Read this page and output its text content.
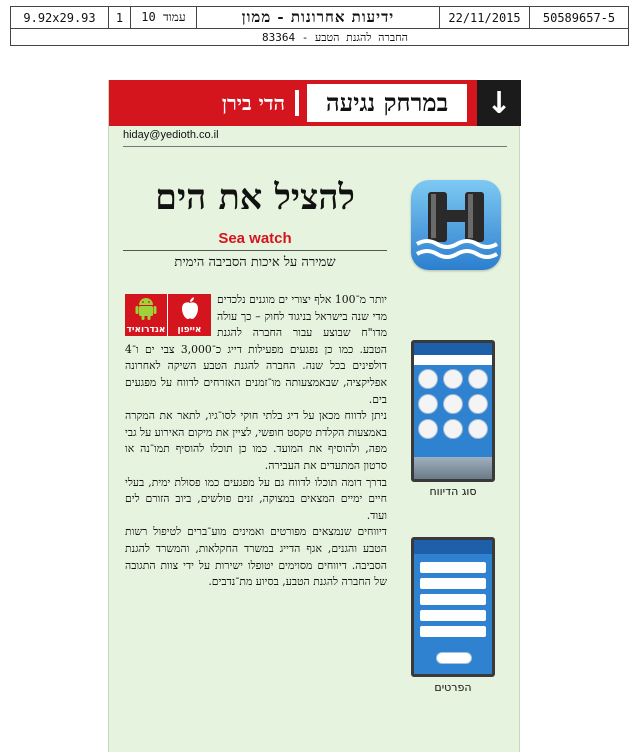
9.92x29.93	1	עמוד 10	ידיעות אחרונות - ממון	22/11/2015	50589657-5
החברה להגנת הטבע - 83364
↓
במרחק נגיעה
הדי בירן
hiday@yedioth.co.il
להציל את הים
Sea watch
שמירה על איכות הסביבה הימית

יותר מ־100 אלף יצורי ים מוגנים נלכדים מדי שנה בישראל בניגוד לחוק – כך עולה מדו"ח שבוצע עבור החברה להגנת הטבע. כמו כן נפגעים מפעילות דייג כ־3,000 צבי ים ו־4 דולפינים בכל שנה. החברה להגנת הטבע השיקה לאחרונה אפליקציה, שבאמצעותה מו־זמנים האזרחים לדווח על מפגעים בים.

ניתן לדווח מכאן על דיג בלתי חוקי לסו־גיו, לתאר את המקרה באמצעות הקלדת טקסט חופשי, לציין את מיקום האירוע על גבי מפה, ולהוסיף את המועד. כמו כן תוכלו להוסיף תמו־נה או סרטון המתעדים את העבירה.

בדרך דומה תוכלו לדווח גם על מפגעים כמו פסולת ימית, בעלי חיים ימיים המצאים במצוקה, זנים פולשים, ביוב הזורם לים ועוד.

דיווחים שנמצאים מפורטים ואמינים מוע־ברים לטיפול רשות הטבע והגנים, אגף הדייג במשרד החקלאות, והמשרד להגנת הסביבה. דיווחים מסוימים יטופלו ישירות על ידי צוות התגובה של החברה להגנת הטבע, בסיוע מת־נדבים.

אנדרואיד אייפון
סוג הדיווח
הפרטים
